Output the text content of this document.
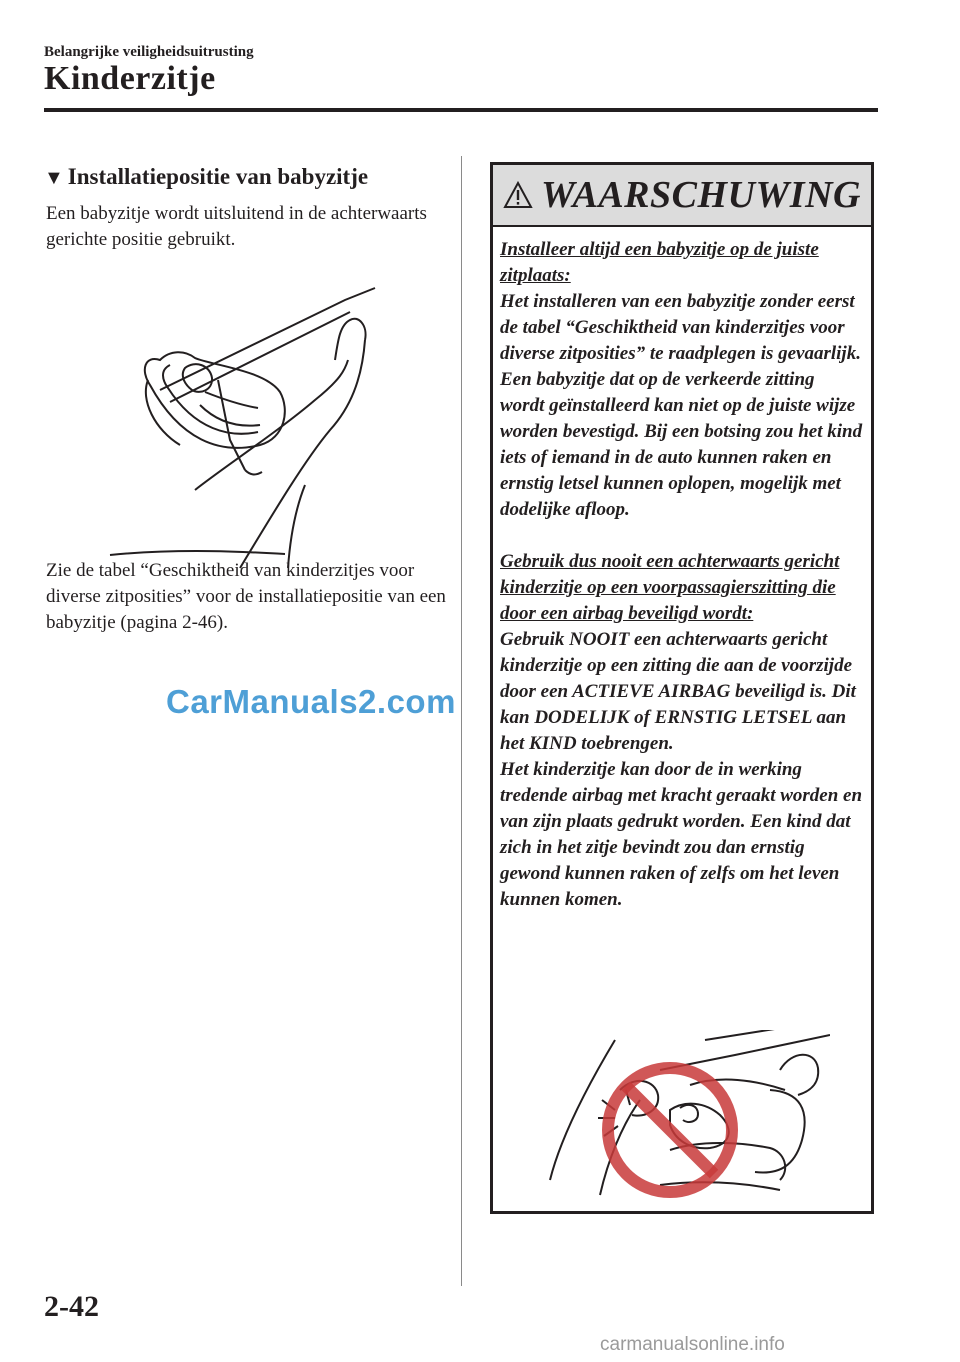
Belangrijke veiligheidsuitrusting
Kinderzitje
▼ Installatiepositie van babyzitje
Een babyzitje wordt uitsluitend in de achterwaarts gerichte positie gebruikt.
Zie de tabel “Geschiktheid van kinderzitjes voor diverse zitposities” voor de installatiepositie van een babyzitje (pagina 2-46).
CarManuals2.com
WAARSCHUWING

Installeer altijd een babyzitje op de juiste zitplaats:

Het installeren van een babyzitje zonder eerst de tabel “Geschiktheid van kinderzitjes voor diverse zitposities” te raadplegen is gevaarlijk. Een babyzitje dat op de verkeerde zitting wordt geïnstalleerd kan niet op de juiste wijze worden bevestigd. Bij een botsing zou het kind iets of iemand in de auto kunnen raken en ernstig letsel kunnen oplopen, mogelijk met dodelijke afloop.

Gebruik dus nooit een achterwaarts gericht kinderzitje op een voorpassagierszitting die door een airbag beveiligd wordt:

Gebruik NOOIT een achterwaarts gericht kinderzitje op een zitting die aan de voorzijde door een ACTIEVE AIRBAG beveiligd is. Dit kan DODELIJK of ERNSTIG LETSEL aan het KIND toebrengen.

Het kinderzitje kan door de in werking tredende airbag met kracht geraakt worden en van zijn plaats gedrukt worden. Een kind dat zich in het zitje bevindt zou dan ernstig gewond kunnen raken of zelfs om het leven kunnen komen.

2-42
carmanualsonline.info
